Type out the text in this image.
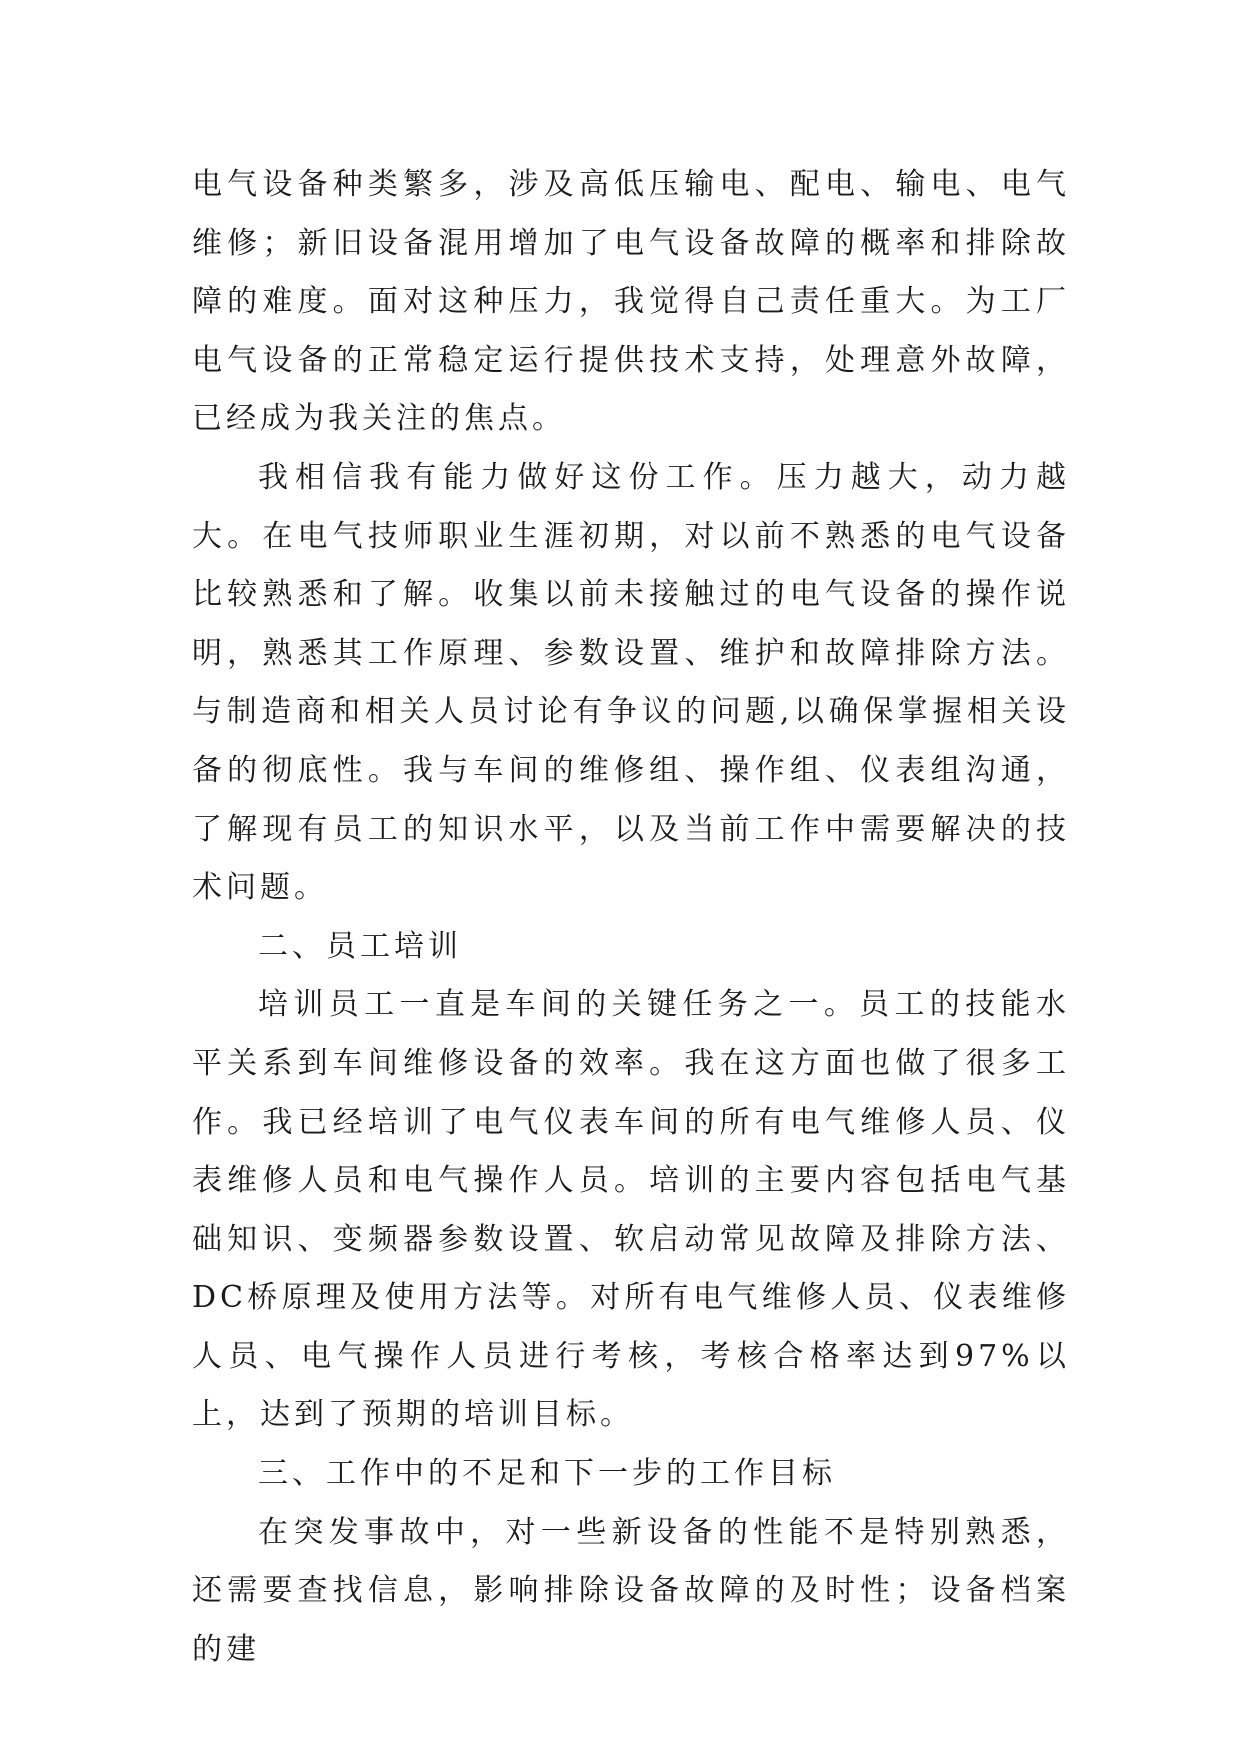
电气设备种类繁多，涉及高低压输电、配电、输电、电气维修；新旧设备混用增加了电气设备故障的概率和排除故障的难度。面对这种压力，我觉得自己责任重大。为工厂电气设备的正常稳定运行提供技术支持，处理意外故障，已经成为我关注的焦点。

我相信我有能力做好这份工作。压力越大，动力越大。在电气技师职业生涯初期，对以前不熟悉的电气设备比较熟悉和了解。收集以前未接触过的电气设备的操作说明，熟悉其工作原理、参数设置、维护和故障排除方法。与制造商和相关人员讨论有争议的问题,以确保掌握相关设备的彻底性。我与车间的维修组、操作组、仪表组沟通，了解现有员工的知识水平，以及当前工作中需要解决的技术问题。

二、员工培训

培训员工一直是车间的关键任务之一。员工的技能水平关系到车间维修设备的效率。我在这方面也做了很多工作。我已经培训了电气仪表车间的所有电气维修人员、仪表维修人员和电气操作人员。培训的主要内容包括电气基础知识、变频器参数设置、软启动常见故障及排除方法、DC桥原理及使用方法等。对所有电气维修人员、仪表维修人员、电气操作人员进行考核，考核合格率达到97%以上，达到了预期的培训目标。

三、工作中的不足和下一步的工作目标

在突发事故中，对一些新设备的性能不是特别熟悉，还需要查找信息，影响排除设备故障的及时性；设备档案的建
